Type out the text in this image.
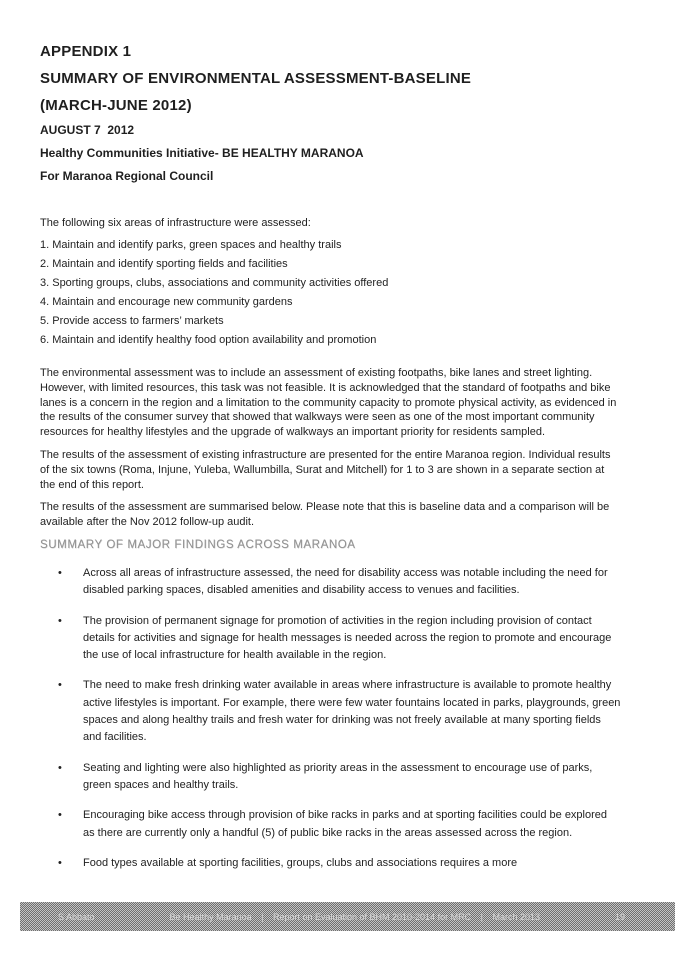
APPENDIX 1
SUMMARY OF ENVIRONMENTAL ASSESSMENT-BASELINE
(MARCH-JUNE 2012)
AUGUST 7  2012
Healthy Communities Initiative- BE HEALTHY MARANOA
For Maranoa Regional Council
The following six areas of infrastructure were assessed:
1. Maintain and identify parks, green spaces and healthy trails
2. Maintain and identify sporting fields and facilities
3. Sporting groups, clubs, associations and community activities offered
4. Maintain and encourage new community gardens
5. Provide access to farmers’ markets
6. Maintain and identify healthy food option availability and promotion

The environmental assessment was to include an assessment of existing footpaths, bike lanes and street lighting. However, with limited resources, this task was not feasible. It is acknowledged that the standard of footpaths and bike lanes is a concern in the region and a limitation to the community capacity to promote physical activity, as evidenced in the results of the consumer survey that showed that walkways were seen as one of the most important community resources for healthy lifestyles and the upgrade of walkways an important priority for residents sampled.

The results of the assessment of existing infrastructure are presented for the entire Maranoa region. Individual results of the six towns (Roma, Injune, Yuleba, Wallumbilla, Surat and Mitchell) for 1 to 3 are shown in a separate section at the end of this report.

The results of the assessment are summarised below. Please note that this is baseline data and a comparison will be available after the Nov 2012 follow-up audit.

SUMMARY OF MAJOR FINDINGS ACROSS MARANOA
•	Across all areas of infrastructure assessed, the need for disability access was notable including the need for disabled parking spaces, disabled amenities and disability access to venues and facilities.
•	The provision of permanent signage for promotion of activities in the region including provision of contact details for activities and signage for health messages is needed across the region to promote and encourage the use of local infrastructure for health available in the region.
•	The need to make fresh drinking water available in areas where infrastructure is available to promote healthy active lifestyles is important. For example, there were few water fountains located in parks, playgrounds, green spaces and along healthy trails and fresh water for drinking was not freely available at many sporting fields and facilities.
•	Seating and lighting were also highlighted as priority areas in the assessment to encourage use of parks, green spaces and healthy trails.
•	Encouraging bike access through provision of bike racks in parks and at sporting facilities could be explored as there are currently only a handful (5) of public bike racks in the areas assessed across the region.
•	Food types available at sporting facilities, groups, clubs and associations requires a more
S Abbato	Be Healthy Maranoa | Report on Evaluation of BHM 2010-2014 for MRC | March 2013	19
